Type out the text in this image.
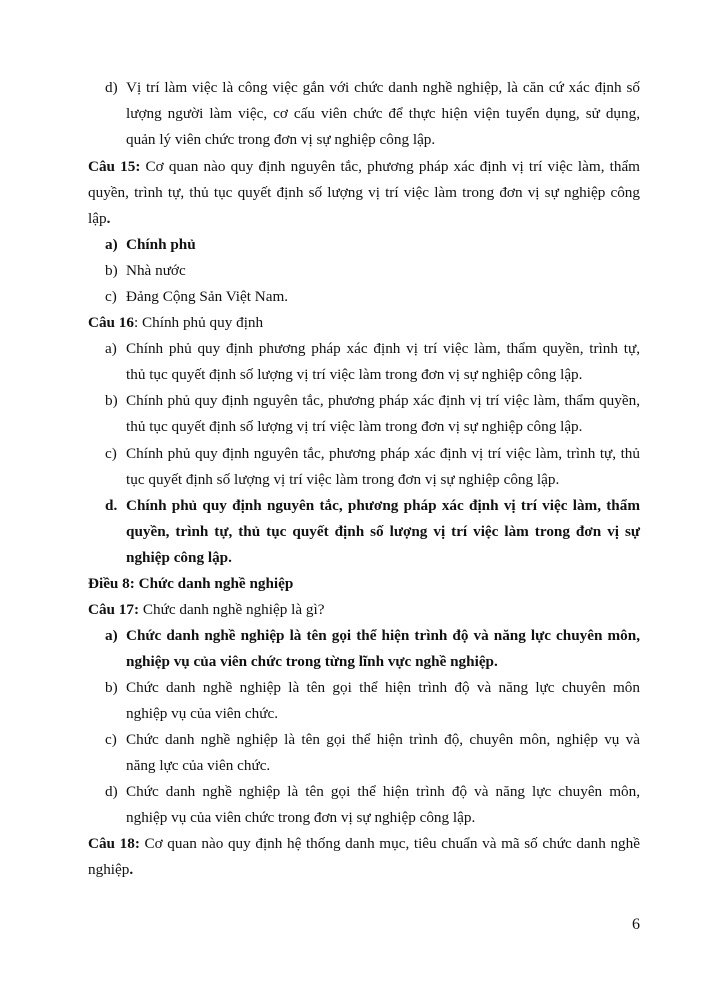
d) Vị trí làm việc là công việc gắn với chức danh nghề nghiệp, là căn cứ xác định số
lượng người làm việc, cơ cấu viên chức để thực hiện viện tuyển dụng, sử dụng,
quản lý viên chức trong đơn vị sự nghiệp công lập.
Câu 15: Cơ quan nào quy định nguyên tắc, phương pháp xác định vị trí việc làm, thẩm
quyền, trình tự, thủ tục quyết định số lượng vị trí việc làm trong đơn vị sự nghiệp công
lập.
a) Chính phủ
b) Nhà nước
c) Đảng Cộng Sản Việt Nam.
Câu 16: Chính phủ quy định
a) Chính phủ quy định phương pháp xác định vị trí việc làm, thẩm quyền, trình tự,
thủ tục quyết định số lượng vị trí việc làm trong đơn vị sự nghiệp công lập.
b) Chính phủ quy định nguyên tắc, phương pháp xác định vị trí việc làm, thẩm quyền,
thủ tục quyết định số lượng vị trí việc làm trong đơn vị sự nghiệp công lập.
c) Chính phủ quy định nguyên tắc, phương pháp xác định vị trí việc làm, trình tự, thủ
tục quyết định số lượng vị trí việc làm trong đơn vị sự nghiệp công lập.
d. Chính phủ quy định nguyên tắc, phương pháp xác định vị trí việc làm, thẩm
quyền, trình tự, thủ tục quyết định số lượng vị trí việc làm trong đơn vị sự
nghiệp công lập.
Điều 8: Chức danh nghề nghiệp
Câu 17: Chức danh nghề nghiệp là gì?
a) Chức danh nghề nghiệp là tên gọi thể hiện trình độ và năng lực chuyên môn,
nghiệp vụ của viên chức trong từng lĩnh vực nghề nghiệp.
b) Chức danh nghề nghiệp là tên gọi thể hiện trình độ và năng lực chuyên môn
nghiệp vụ của viên chức.
c) Chức danh nghề nghiệp là tên gọi thể hiện trình độ, chuyên môn, nghiệp vụ và
năng lực của viên chức.
d) Chức danh nghề nghiệp là tên gọi thể hiện trình độ và năng lực chuyên môn,
nghiệp vụ của viên chức trong đơn vị sự nghiệp công lập.
Câu 18: Cơ quan nào quy định hệ thống danh mục, tiêu chuẩn và mã số chức danh nghề
nghiệp.
6
